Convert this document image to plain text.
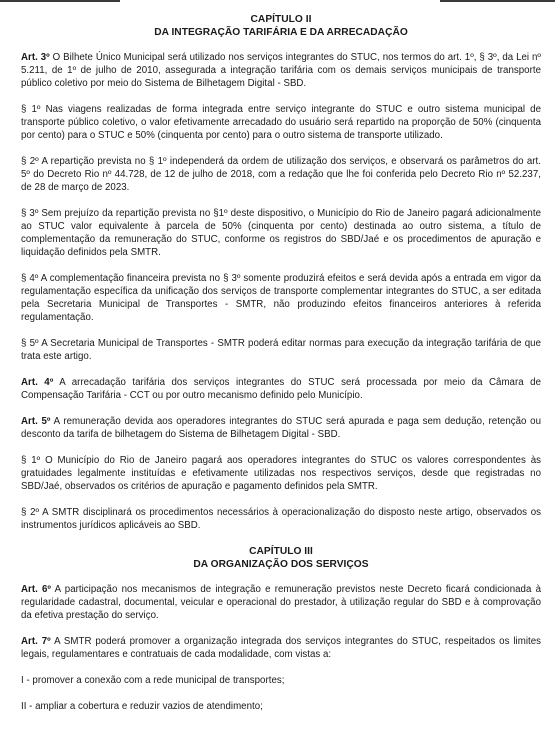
CAPÍTULO II

DA INTEGRAÇÃO TARIFÁRIA E DA ARRECADAÇÃO

Art. 3º O Bilhete Único Municipal será utilizado nos serviços integrantes do STUC, nos termos do art. 1º, § 3º, da Lei nº 5.211, de 1º de julho de 2010, assegurada a integração tarifária com os demais serviços municipais de transporte público coletivo por meio do Sistema de Bilhetagem Digital - SBD.

§ 1º Nas viagens realizadas de forma integrada entre serviço integrante do STUC e outro sistema municipal de transporte público coletivo, o valor efetivamente arrecadado do usuário será repartido na proporção de 50% (cinquenta por cento) para o STUC e 50% (cinquenta por cento) para o outro sistema de transporte utilizado.

§ 2º A repartição prevista no § 1º independerá da ordem de utilização dos serviços, e observará os parâmetros do art. 5º do Decreto Rio nº 44.728, de 12 de julho de 2018, com a redação que lhe foi conferida pelo Decreto Rio nº 52.237, de 28 de março de 2023.

§ 3º Sem prejuízo da repartição prevista no §1º deste dispositivo, o Município do Rio de Janeiro pagará adicionalmente ao STUC valor equivalente à parcela de 50% (cinquenta por cento) destinada ao outro sistema, a título de complementação da remuneração do STUC, conforme os registros do SBD/Jaé e os procedimentos de apuração e liquidação definidos pela SMTR.

§ 4º A complementação financeira prevista no § 3º somente produzirá efeitos e será devida após a entrada em vigor da regulamentação específica da unificação dos serviços de transporte complementar integrantes do STUC, a ser editada pela Secretaria Municipal de Transportes - SMTR, não produzindo efeitos financeiros anteriores à referida regulamentação.

§ 5º A Secretaria Municipal de Transportes - SMTR poderá editar normas para execução da integração tarifária de que trata este artigo.

Art. 4º A arrecadação tarifária dos serviços integrantes do STUC será processada por meio da Câmara de Compensação Tarifária - CCT ou por outro mecanismo definido pelo Município.

Art. 5º A remuneração devida aos operadores integrantes do STUC será apurada e paga sem dedução, retenção ou desconto da tarifa de bilhetagem do Sistema de Bilhetagem Digital - SBD.

§ 1º O Município do Rio de Janeiro pagará aos operadores integrantes do STUC os valores correspondentes às gratuidades legalmente instituídas e efetivamente utilizadas nos respectivos serviços, desde que registradas no SBD/Jaé, observados os critérios de apuração e pagamento definidos pela SMTR.

§ 2º A SMTR disciplinará os procedimentos necessários à operacionalização do disposto neste artigo, observados os instrumentos jurídicos aplicáveis ao SBD.

CAPÍTULO III

DA ORGANIZAÇÃO DOS SERVIÇOS

Art. 6º A participação nos mecanismos de integração e remuneração previstos neste Decreto ficará condicionada à regularidade cadastral, documental, veicular e operacional do prestador, à utilização regular do SBD e à comprovação da efetiva prestação do serviço.

Art. 7º A SMTR poderá promover a organização integrada dos serviços integrantes do STUC, respeitados os limites legais, regulamentares e contratuais de cada modalidade, com vistas a:

I - promover a conexão com a rede municipal de transportes;

II - ampliar a cobertura e reduzir vazios de atendimento;
